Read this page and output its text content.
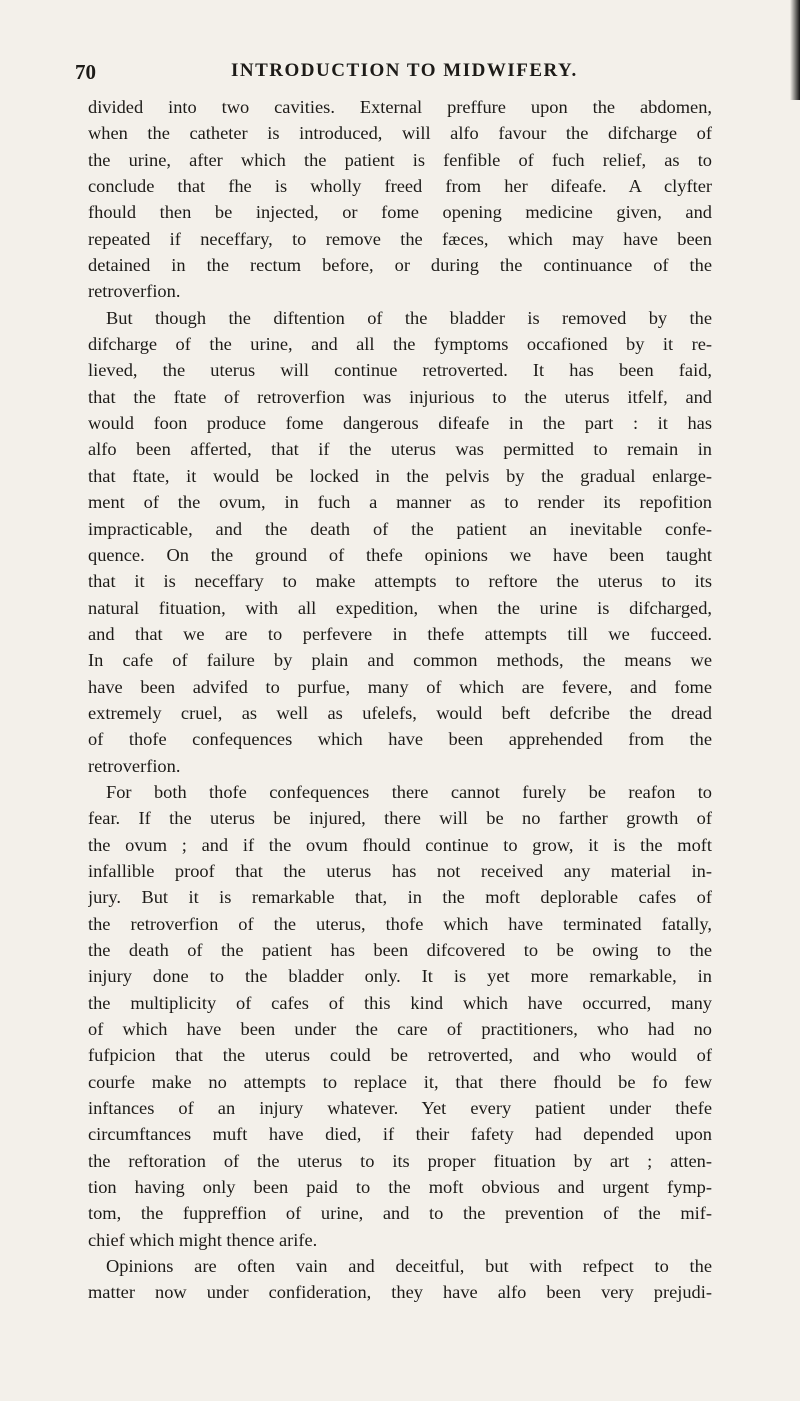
70	INTRODUCTION TO MIDWIFERY.
divided into two cavities. External preffure upon the abdomen,
when the catheter is introduced, will alfo favour the difcharge of
the urine, after which the patient is fenfible of fuch relief, as to
conclude that fhe is wholly freed from her difeafe. A clyfter
fhould then be injected, or fome opening medicine given, and
repeated if neceffary, to remove the fæces, which may have been
detained in the rectum before, or during the continuance of the
retroverfion.
But though the diftention of the bladder is removed by the
difcharge of the urine, and all the fymptoms occafioned by it re-
lieved, the uterus will continue retroverted. It has been faid,
that the ftate of retroverfion was injurious to the uterus itfelf, and
would foon produce fome dangerous difeafe in the part : it has
alfo been afferted, that if the uterus was permitted to remain in
that ftate, it would be locked in the pelvis by the gradual enlarge-
ment of the ovum, in fuch a manner as to render its repofition
impracticable, and the death of the patient an inevitable confe-
quence. On the ground of thefe opinions we have been taught
that it is neceffary to make attempts to reftore the uterus to its
natural fituation, with all expedition, when the urine is difcharged,
and that we are to perfevere in thefe attempts till we fucceed.
In cafe of failure by plain and common methods, the means we
have been advifed to purfue, many of which are fevere, and fome
extremely cruel, as well as ufelefs, would beft defcribe the dread
of thofe confequences which have been apprehended from the
retroverfion.
For both thofe confequences there cannot furely be reafon to
fear. If the uterus be injured, there will be no farther growth of
the ovum ; and if the ovum fhould continue to grow, it is the moft
infallible proof that the uterus has not received any material in-
jury. But it is remarkable that, in the moft deplorable cafes of
the retroverfion of the uterus, thofe which have terminated fatally,
the death of the patient has been difcovered to be owing to the
injury done to the bladder only. It is yet more remarkable, in
the multiplicity of cafes of this kind which have occurred, many
of which have been under the care of practitioners, who had no
fufpicion that the uterus could be retroverted, and who would of
courfe make no attempts to replace it, that there fhould be fo few
inftances of an injury whatever. Yet every patient under thefe
circumftances muft have died, if their fafety had depended upon
the reftoration of the uterus to its proper fituation by art ; atten-
tion having only been paid to the moft obvious and urgent fymp-
tom, the fuppreffion of urine, and to the prevention of the mif-
chief which might thence arife.
Opinions are often vain and deceitful, but with refpect to the
matter now under confideration, they have alfo been very prejudi-
